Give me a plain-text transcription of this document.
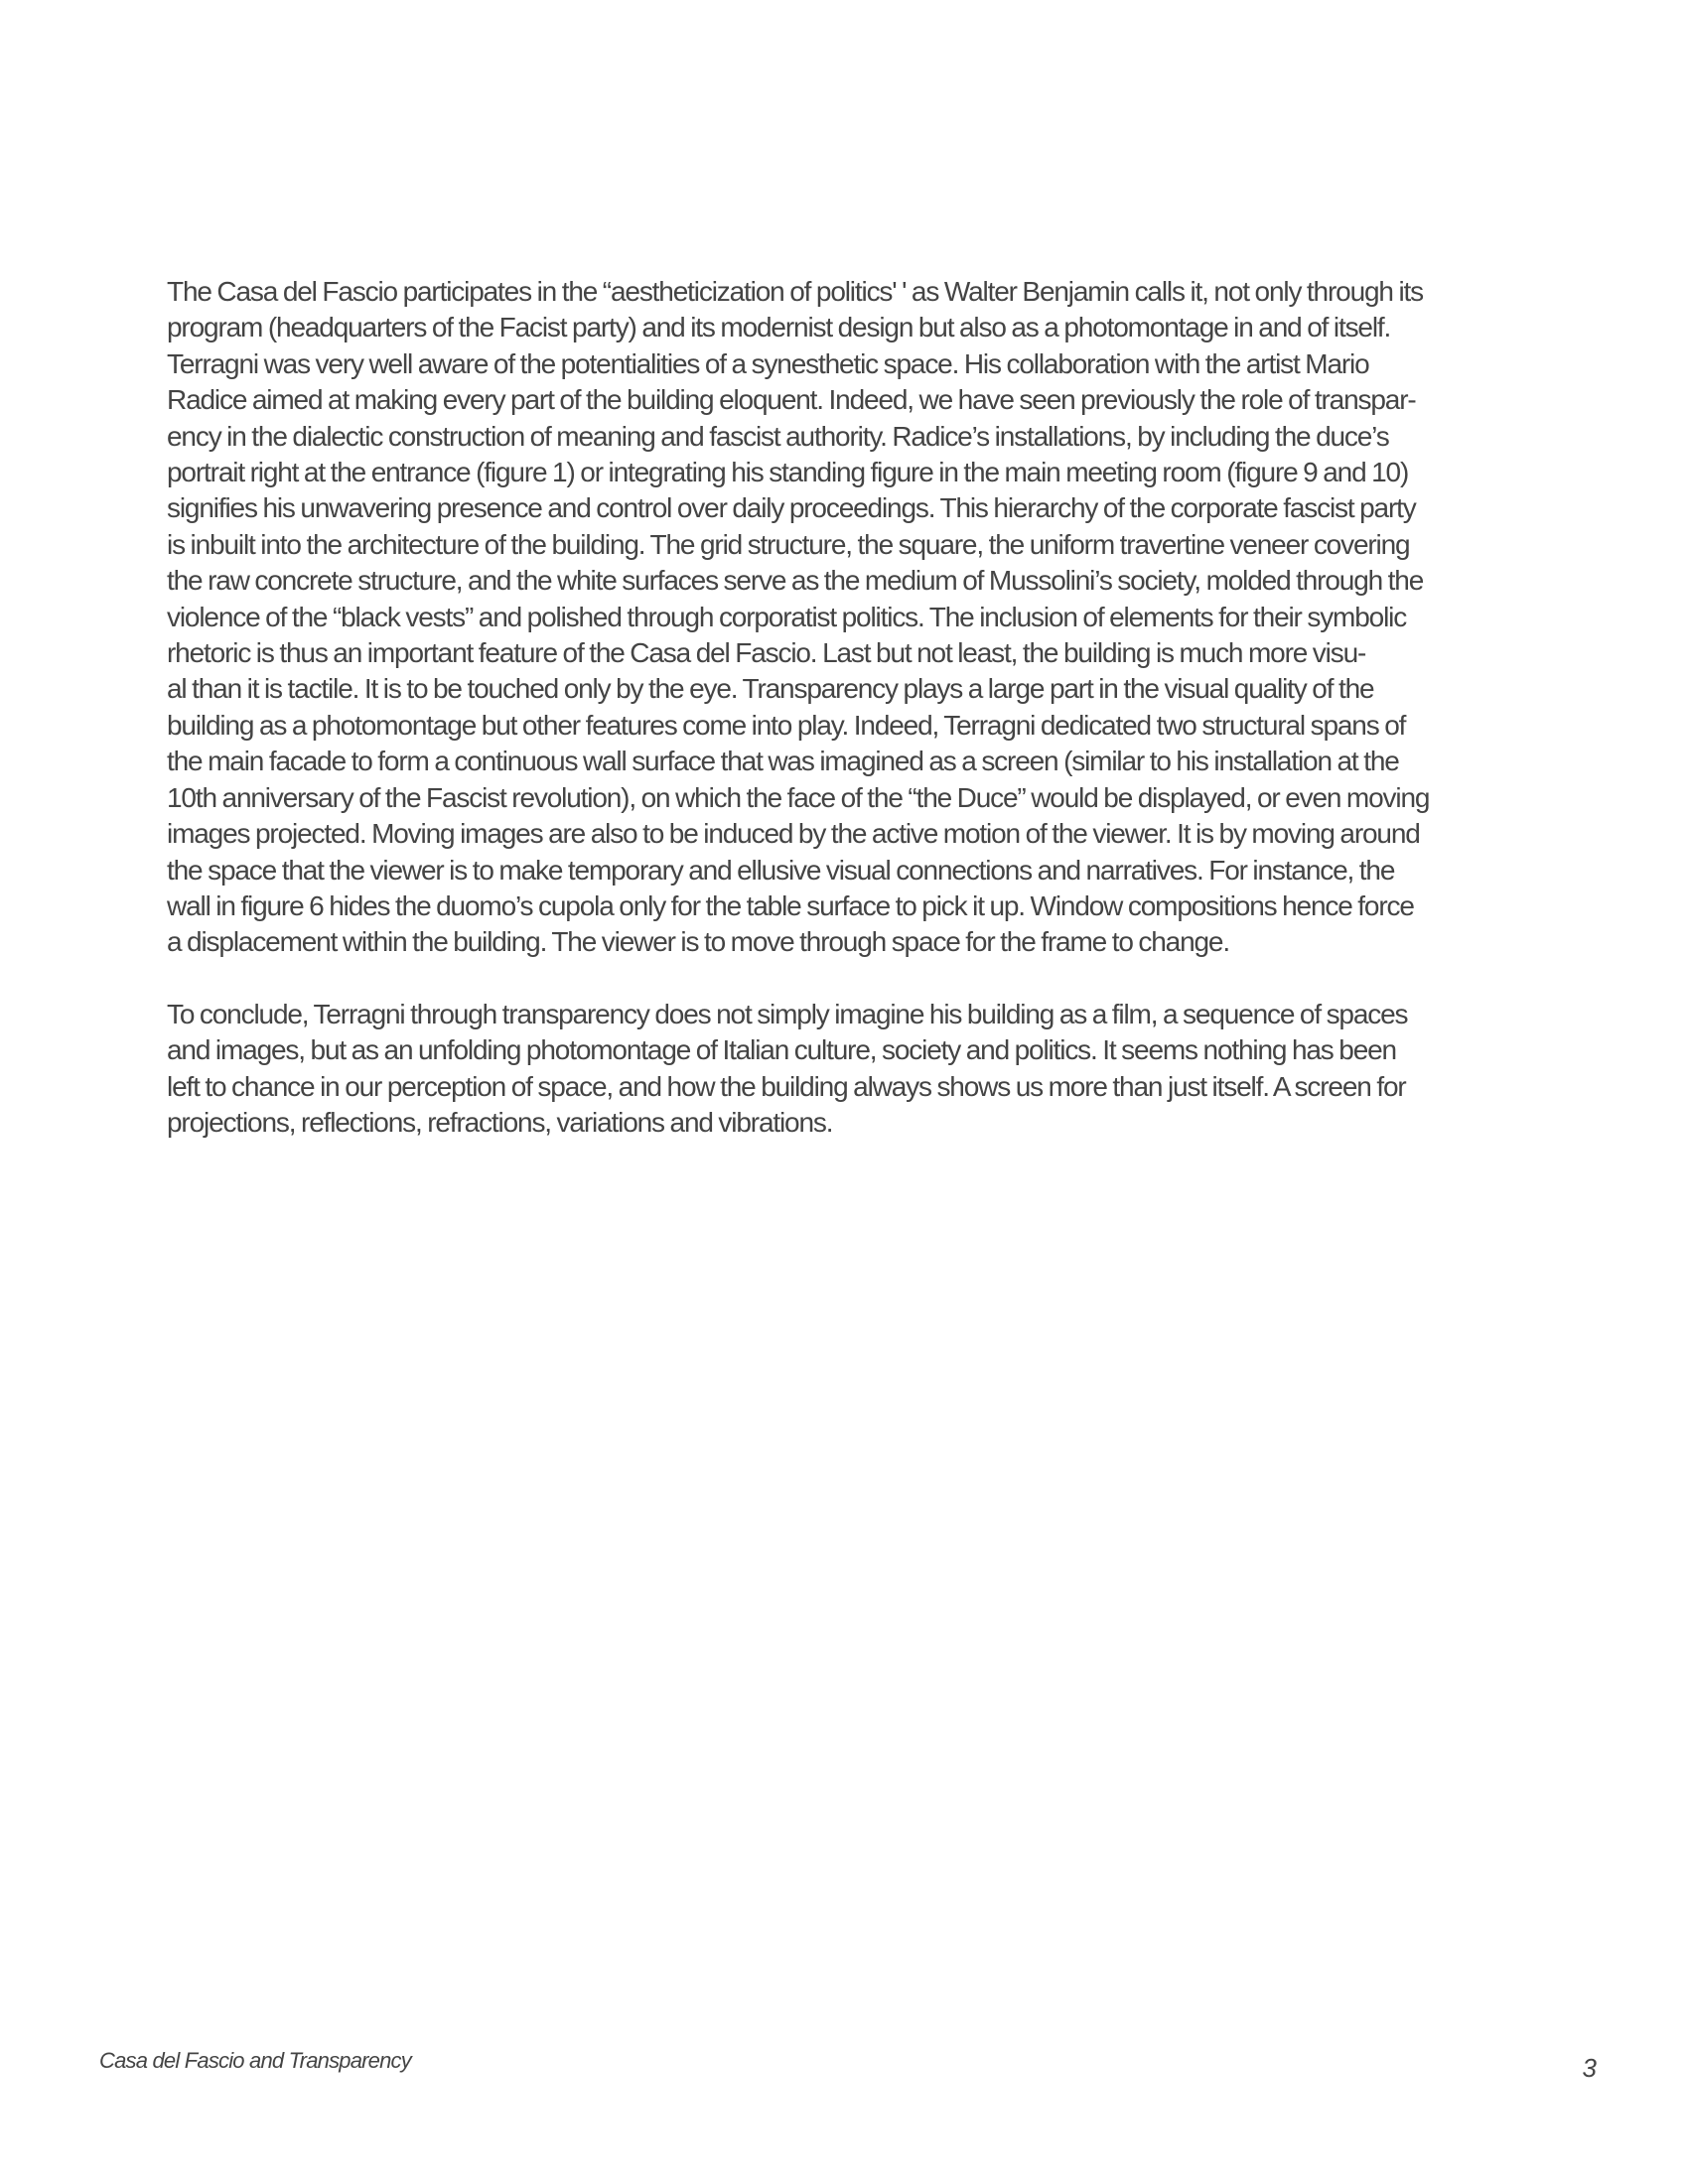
The Casa del Fascio participates in the “aestheticization of politics' ' as Walter Benjamin calls it, not only through its
program (headquarters of the Facist party) and its modernist design but also as a photomontage in and of itself.
Terragni was very well aware of the potentialities of a synesthetic space. His collaboration with the artist Mario
Radice aimed at making every part of the building eloquent. Indeed, we have seen previously the role of transpar-
ency in the dialectic construction of meaning and fascist authority. Radice’s installations, by including the duce’s
portrait right at the entrance (figure 1) or integrating his standing figure in the main meeting room (figure 9 and 10)
signifies his unwavering presence and control over daily proceedings. This hierarchy of the corporate fascist party
is inbuilt into the architecture of the building. The grid structure, the square, the uniform travertine veneer covering
the raw concrete structure, and the white surfaces serve as the medium of Mussolini’s society, molded through the
violence of the “black vests” and polished through corporatist politics. The inclusion of elements for their symbolic
rhetoric is thus an important feature of the Casa del Fascio. Last but not least, the building is much more visu-
al than it is tactile. It is to be touched only by the eye. Transparency plays a large part in the visual quality of the
building as a photomontage but other features come into play. Indeed, Terragni dedicated two structural spans of
the main facade to form a continuous wall surface that was imagined as a screen (similar to his installation at the
10th anniversary of the Fascist revolution), on which the face of the “the Duce” would be displayed, or even moving
images projected. Moving images are also to be induced by the active motion of the viewer. It is by moving around
the space that the viewer is to make temporary and ellusive visual connections and narratives. For instance, the
wall in figure 6 hides the duomo’s cupola only for the table surface to pick it up. Window compositions hence force
a displacement within the building. The viewer is to move through space for the frame to change.

To conclude, Terragni through transparency does not simply imagine his building as a film, a sequence of spaces
and images, but as an unfolding photomontage of Italian culture, society and politics. It seems nothing has been
left to chance in our perception of space, and how the building always shows us more than just itself. A screen for
projections, reflections, refractions, variations and vibrations.

Casa del Fascio and Transparency	3
